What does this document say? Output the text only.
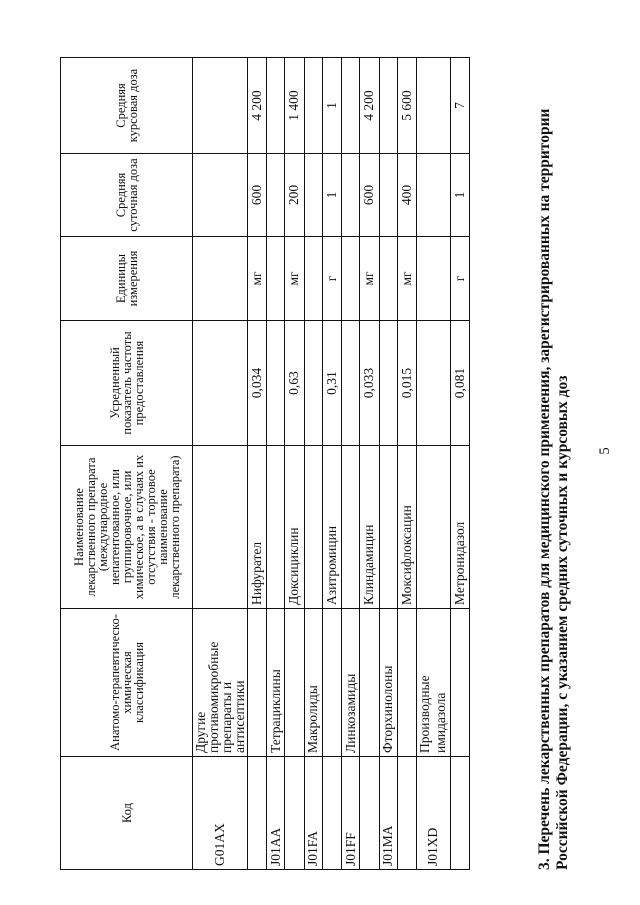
5
3. Перечень лекарственных препаратов для медицинского применения, зарегистрированных на территории Российской Федерации, с указанием средних суточных и курсовых доз
Код	Анатомо-терапевтическо-химическая классификация	Наименование лекарственного препарата (международное непатентованное, или группировочное, или химическое, а в случаях их отсутствия - торговое наименование лекарственного препарата)	Усредненный показатель частоты предоставления	Единицы измерения	Средняя суточная доза	Средняя курсовая доза
G01AX	Другие противомикробные препараты и антисептики					
		Нифурател	0,034	мг	600	4 200
J01AA	Тетрациклины					
		Доксициклин	0,63	мг	200	1 400
J01FA	Макролиды					
		Азитромицин	0,31	г	1	1
J01FF	Линкозамиды					
		Клиндамицин	0,033	мг	600	4 200
J01MA	Фторхинолоны					
		Моксифлоксацин	0,015	мг	400	5 600
J01XD	Производные имидазола					
		Метронидазол	0,081	г	1	7
